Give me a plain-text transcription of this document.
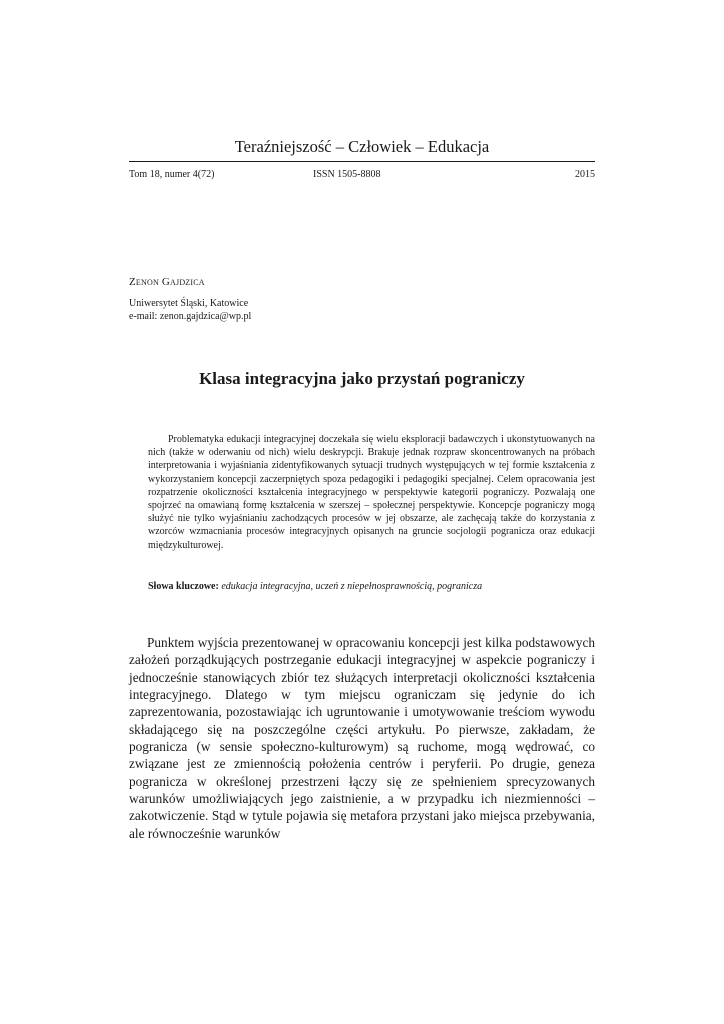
Teraźniejszość – Człowiek – Edukacja
Tom 18, numer 4(72)	ISSN 1505-8808	2015
Zenon Gajdzica
Uniwersytet Śląski, Katowice
e-mail: zenon.gajdzica@wp.pl
Klasa integracyjna jako przystań pograniczy
Problematyka edukacji integracyjnej doczekała się wielu eksploracji badawczych i ukonstytuowanych na nich (także w oderwaniu od nich) wielu deskrypcji. Brakuje jednak rozpraw skoncentrowanych na próbach interpretowania i wyjaśniania zidentyfikowanych sytuacji trudnych występujących w tej formie kształcenia z wykorzystaniem koncepcji zaczerpniętych spoza pedagogiki i pedagogiki specjalnej. Celem opracowania jest rozpatrzenie okoliczności kształcenia integracyjnego w perspektywie kategorii pograniczy. Pozwalają one spojrzeć na omawianą formę kształcenia w szerszej – społecznej perspektywie. Koncepcje pograniczy mogą służyć nie tylko wyjaśnianiu zachodzących procesów w jej obszarze, ale zachęcają także do korzystania z wzorców wzmacniania procesów integracyjnych opisanych na gruncie socjologii pogranicza oraz edukacji międzykulturowej.
Słowa kluczowe: edukacja integracyjna, uczeń z niepełnosprawnością, pogranicza
Punktem wyjścia prezentowanej w opracowaniu koncepcji jest kilka podstawowych założeń porządkujących postrzeganie edukacji integracyjnej w aspekcie pograniczy i jednocześnie stanowiących zbiór tez służących interpretacji okoliczności kształcenia integracyjnego. Dlatego w tym miejscu ograniczam się jedynie do ich zaprezentowania, pozostawiając ich ugruntowanie i umotywowanie treściom wywodu składającego się na poszczególne części artykułu. Po pierwsze, zakładam, że pogranicza (w sensie społeczno-kulturowym) są ruchome, mogą wędrować, co związane jest ze zmiennością położenia centrów i peryferii. Po drugie, geneza pogranicza w określonej przestrzeni łączy się ze spełnieniem sprecyzowanych warunków umożliwiających jego zaistnienie, a w przypadku ich niezmienności – zakotwiczenie. Stąd w tytule pojawia się metafora przystani jako miejsca przebywania, ale równocześnie warunków
